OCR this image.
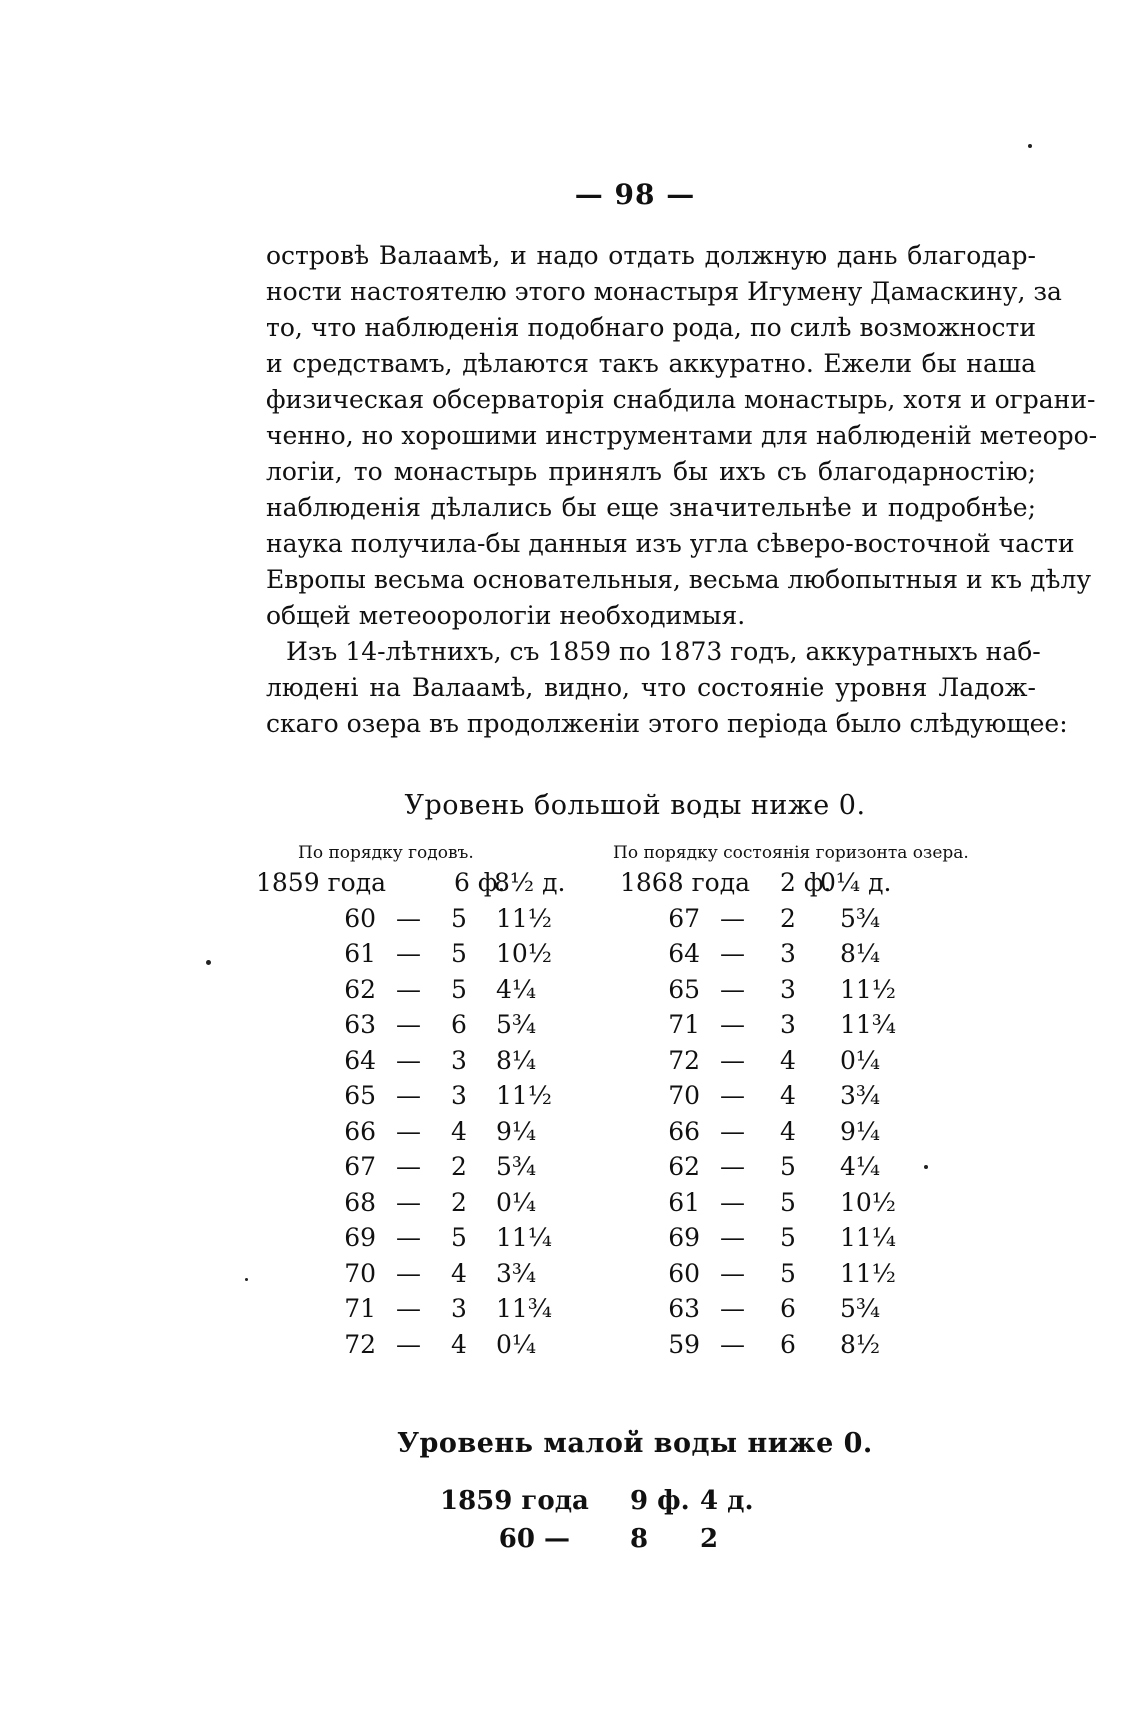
— 98 —
островѣ Валаамѣ, и надо отдать должную дань благодар-
ности настоятелю этого монастыря Игумену Дамаскину, за
то, что наблюденія подобнаго рода, по силѣ возможности
и средствамъ, дѣлаются такъ аккуратно. Ежели бы наша
физическая обсерваторія снабдила монастырь, хотя и ограни-
ченно, но хорошими инструментами для наблюденій метеоро-
логіи, то монастырь принялъ бы ихъ съ благодарностію;
наблюденія дѣлались бы еще значительнѣе и подробнѣе;
наука получила-бы данныя изъ угла сѣверо-восточной части
Европы весьма основательныя, весьма любопытныя и къ дѣлу
общей метеоорологіи необходимыя.
Изъ 14-лѣтнихъ, съ 1859 по 1873 годъ, аккуратныхъ наб-
людені на Валаамѣ, видно, что состояніе уровня Ладож-
скаго озера въ продолженіи этого періода было слѣдующее:
Уровень большой воды ниже 0.
По порядку годовъ.	По порядку состоянія горизонта озера.
1859 года	6 ф.
8½ д.
60 — 5 11½
61 — 5 10½
62 — 5 4¼
63 — 6 5¾
64 — 3 8¼
65 — 3 11½
66 — 4 9¼
67 — 2 5¾
68 — 2 0¼
69 — 5 11¼
70 — 4 3¾
71 — 3 11¾
72 — 4 0¼
1868 года 2 ф.
0¼ д.
67 — 2 5¾
64 — 3 8¼
65 — 3 11½
71 — 3 11¾
72 — 4 0¼
70 — 4 3¾
66 — 4 9¼
62 — 5 4¼
61 — 5 10½
69 — 5 11¼
60 — 5 11½
63 — 6 5¾
59 — 6 8½
Уровень малой воды ниже 0.
1859 года 9 ф. 4 д.
60 — 8 2
